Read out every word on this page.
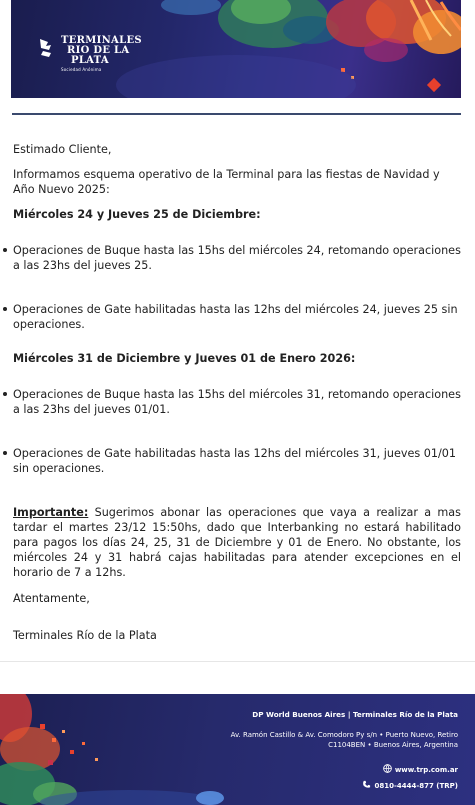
TERMINALES
RIO DE LA
PLATA
Sociedad Anónima

Estimado Cliente,

Informamos esquema operativo de la Terminal para las fiestas de Navidad y Año Nuevo 2025:

Miércoles 24 y Jueves 25 de Diciembre:

Operaciones de Buque hasta las 15hs del miércoles 24, retomando operaciones a las 23hs del jueves 25.
Operaciones de Gate habilitadas hasta las 12hs del miércoles 24, jueves 25 sin operaciones.

Miércoles 31 de Diciembre y Jueves 01 de Enero 2026:

Operaciones de Buque hasta las 15hs del miércoles 31, retomando operaciones a las 23hs del jueves 01/01.
Operaciones de Gate habilitadas hasta las 12hs del miércoles 31, jueves 01/01 sin operaciones.

Importante: Sugerimos abonar las operaciones que vaya a realizar a mas tardar el martes 23/12 15:50hs, dado que Interbanking no estará habilitado para pagos los días 24, 25, 31 de Diciembre y 01 de Enero. No obstante, los miércoles 24 y 31 habrá cajas habilitadas para atender excepciones en el horario de 7 a 12hs.

Atentamente,

Terminales Río de la Plata

DP World Buenos Aires | Terminales Río de la Plata
Av. Ramón Castillo & Av. Comodoro Py s/n • Puerto Nuevo, Retiro
C1104BEN • Buenos Aires, Argentina
www.trp.com.ar
0810-4444-877 (TRP)
